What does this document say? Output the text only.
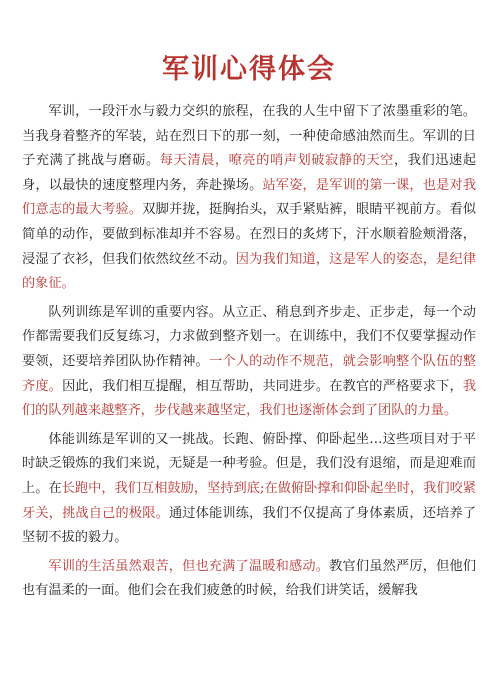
军训心得体会

军训，一段汗水与毅力交织的旅程，在我的人生中留下了浓墨重彩的笔。当我身着整齐的军装，站在烈日下的那一刻，一种使命感油然而生。军训的日子充满了挑战与磨砺。每天清晨，嘹亮的哨声划破寂静的天空，我们迅速起身，以最快的速度整理内务，奔赴操场。站军姿，是军训的第一课，也是对我们意志的最大考验。双脚并拢，挺胸抬头，双手紧贴裤，眼睛平视前方。看似简单的动作，要做到标准却并不容易。在烈日的炙烤下，汗水顺着脸颊滑落，浸湿了衣衫，但我们依然纹丝不动。因为我们知道，这是军人的姿态，是纪律的象征。

队列训练是军训的重要内容。从立正、稍息到齐步走、正步走，每一个动作都需要我们反复练习，力求做到整齐划一。在训练中，我们不仅要掌握动作要领，还要培养团队协作精神。一个人的动作不规范，就会影响整个队伍的整齐度。因此，我们相互提醒，相互帮助，共同进步。在教官的严格要求下，我们的队列越来越整齐，步伐越来越坚定，我们也逐渐体会到了团队的力量。

体能训练是军训的又一挑战。长跑、俯卧撑、仰卧起坐…这些项目对于平时缺乏锻炼的我们来说，无疑是一种考验。但是，我们没有退缩，而是迎难而上。在长跑中，我们互相鼓励，坚持到底;在做俯卧撑和仰卧起坐时，我们咬紧牙关，挑战自己的极限。通过体能训练，我们不仅提高了身体素质，还培养了坚韧不拔的毅力。

军训的生活虽然艰苦，但也充满了温暖和感动。教官们虽然严厉，但他们也有温柔的一面。他们会在我们疲惫的时候，给我们讲笑话，缓解我
